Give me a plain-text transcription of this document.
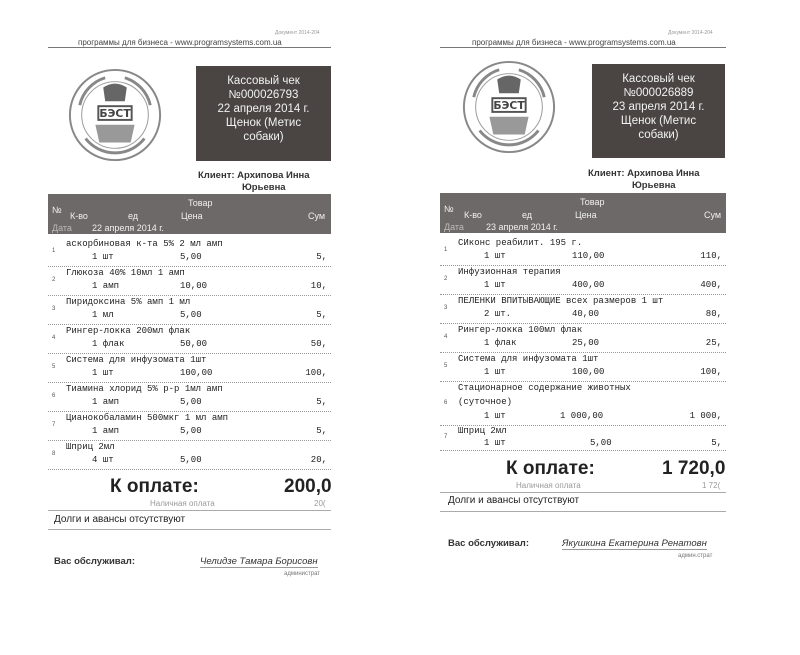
Документ 2014-204
программы для бизнеса - www.programsystems.com.ua
БЭСТ
Кассовый чек
№000026793
22 апреля 2014 г.
Щенок (Метис
собаки)
Клиент: Архипова Инна
Юрьевна
№
Товар
К-во	ед	Цена	Сум
Дата 22 апреля 2014 г.
1
аскорбиновая к-та 5% 2 мл амп
1 шт	5,00	5,
2
Глюкоза 40% 10мл 1 амп
1 амп	10,00	10,
3
Пиридоксина 5% амп 1 мл
1 мл	5,00	5,
4
Рингер-локка 200мл флак
1 флак	50,00	50,
5
Система для инфузомата 1шт
1 шт	100,00	100,
6
Тиамина хлорид 5% р-р 1мл амп
1 амп	5,00	5,
7
Цианокобаламин 500мкг 1 мл амп
1 амп	5,00	5,
8
Шприц 2мл
4 шт	5,00	20,
К оплате:	200,0
Наличная оплата	20(
Долги и авансы отсутствуют
Вас обслуживал:	Челидзе Тамара Борисовн
администрат
Документ 2014-204
программы для бизнеса - www.programsystems.com.ua
БЭСТ
Кассовый чек
№000026889
23 апреля 2014 г.
Щенок (Метис
собаки)
Клиент: Архипова Инна
Юрьевна
№
Товар
К-во	ед	Цена	Сум
Дата 23 апреля 2014 г.
1
СИконс реабилит. 195 г.
1 шт	110,00	110,
2
Инфузионная терапия
1 шт	400,00	400,
3
ПЕЛЕНКИ ВПИТЫВАЮЩИЕ всех размеров 1 шт
2 шт.	40,00	80,
4
Рингер-локка 100мл флак
1 флак	25,00	25,
5
Система для инфузомата 1шт
1 шт	100,00	100,
6
Стационарное содержание животных
(суточное)
1 шт	1 000,00	1 000,
7
Шприц 2мл
1 шт	5,00	5,
К оплате:	1 720,0
Наличная оплата	1 72(
Долги и авансы отсутствуют
Вас обслуживал:	Якушкина Екатерина Ренатовн
админ.страт
